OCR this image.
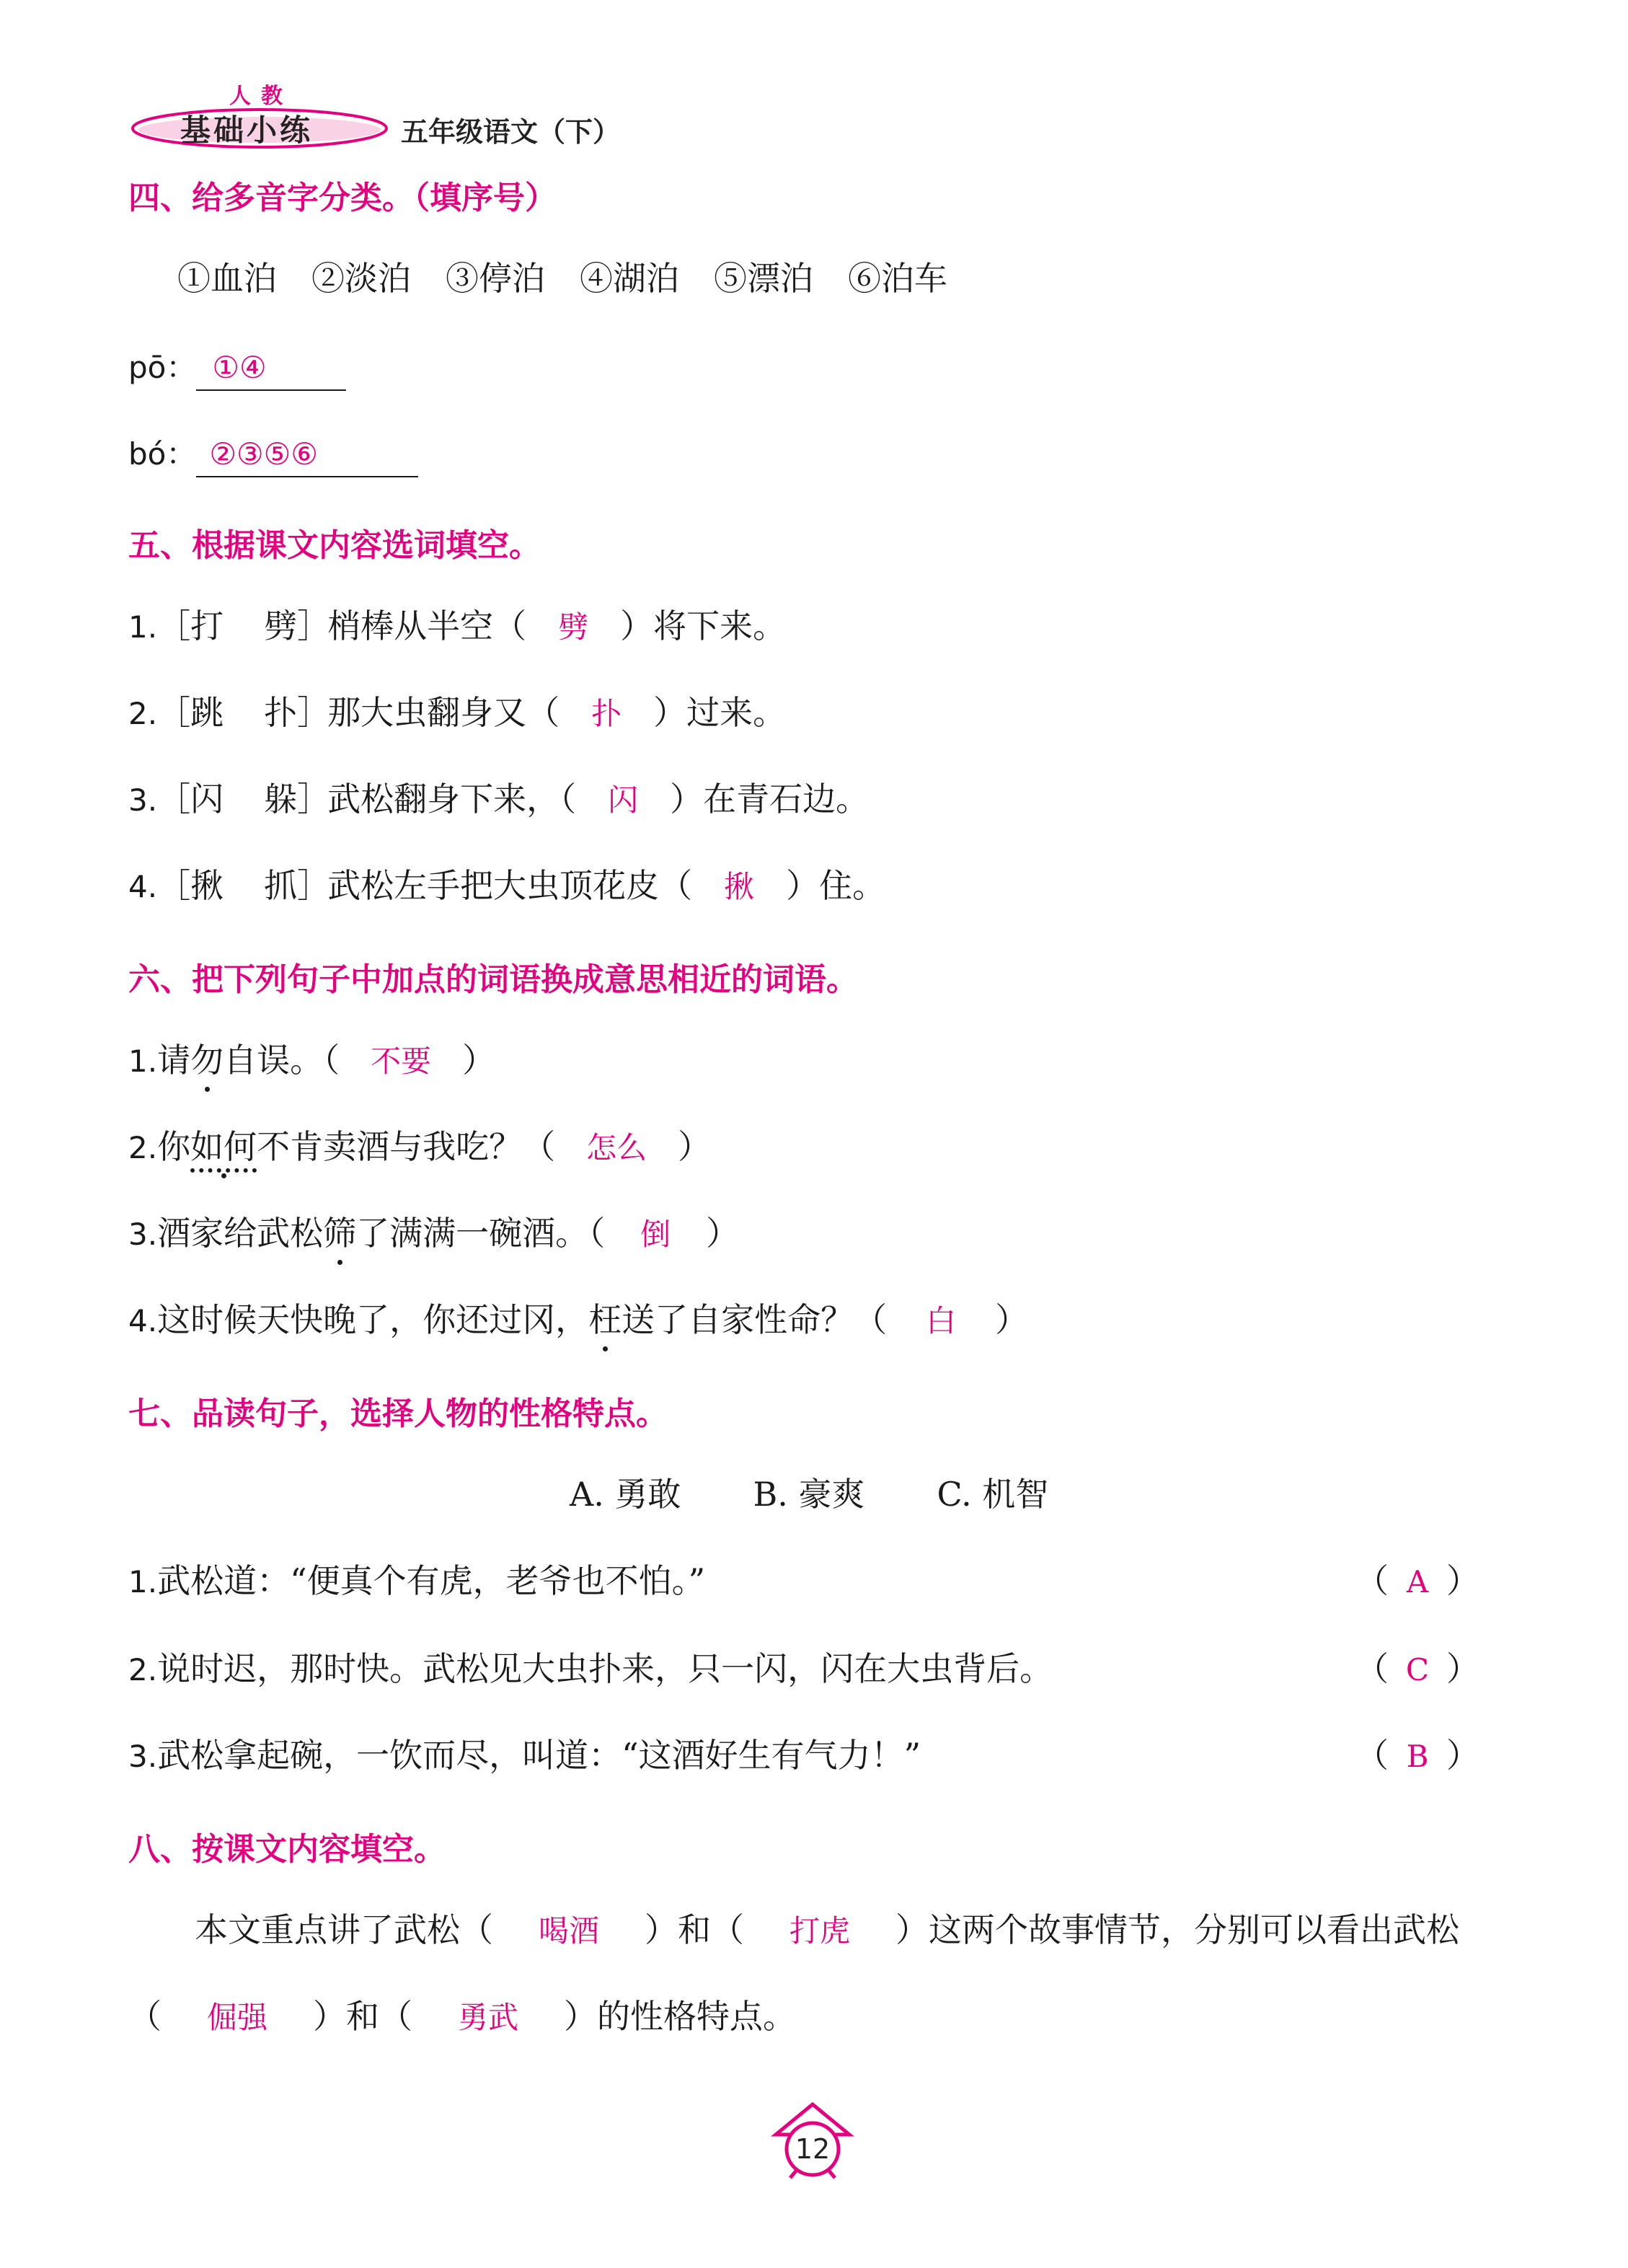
人教
基础小练	五年级语文（下）
四、给多音字分类。（填序号）
①血泊 ②淡泊 ③停泊 ④湖泊 ⑤漂泊 ⑥泊车
pō： ①④
bó： ②③⑤⑥
五、根据课文内容选词填空。
1.［打 劈］梢棒从半空（ 劈 ）将下来。
2.［跳 扑］那大虫翻身又（ 扑 ）过来。
3.［闪 躲］武松翻身下来，（ 闪 ）在青石边。
4.［揪 抓］武松左手把大虫顶花皮（ 揪 ）住。
六、把下列句子中加点的词语换成意思相近的词语。
1.请勿自误。（ 不要 ）
2.你如何不肯卖酒与我吃？（ 怎么 ）
3.酒家给武松筛了满满一碗酒。（ 倒 ）
4.这时候天快晚了，你还过冈，枉送了自家性命？（ 白 ）
七、品读句子，选择人物的性格特点。
A. 勇敢 B. 豪爽 C. 机智
1.武松道：“便真个有虎，老爷也不怕。”	（ A ）
2.说时迟，那时快。武松见大虫扑来，只一闪，闪在大虫背后。	（ C ）
3.武松拿起碗，一饮而尽，叫道：“这酒好生有气力！”	（ B ）
八、按课文内容填空。
本文重点讲了武松（ 喝酒 ）和（ 打虎 ）这两个故事情节，分别可以看出武松
（ 倔强 ）和（ 勇武 ）的性格特点。
12
